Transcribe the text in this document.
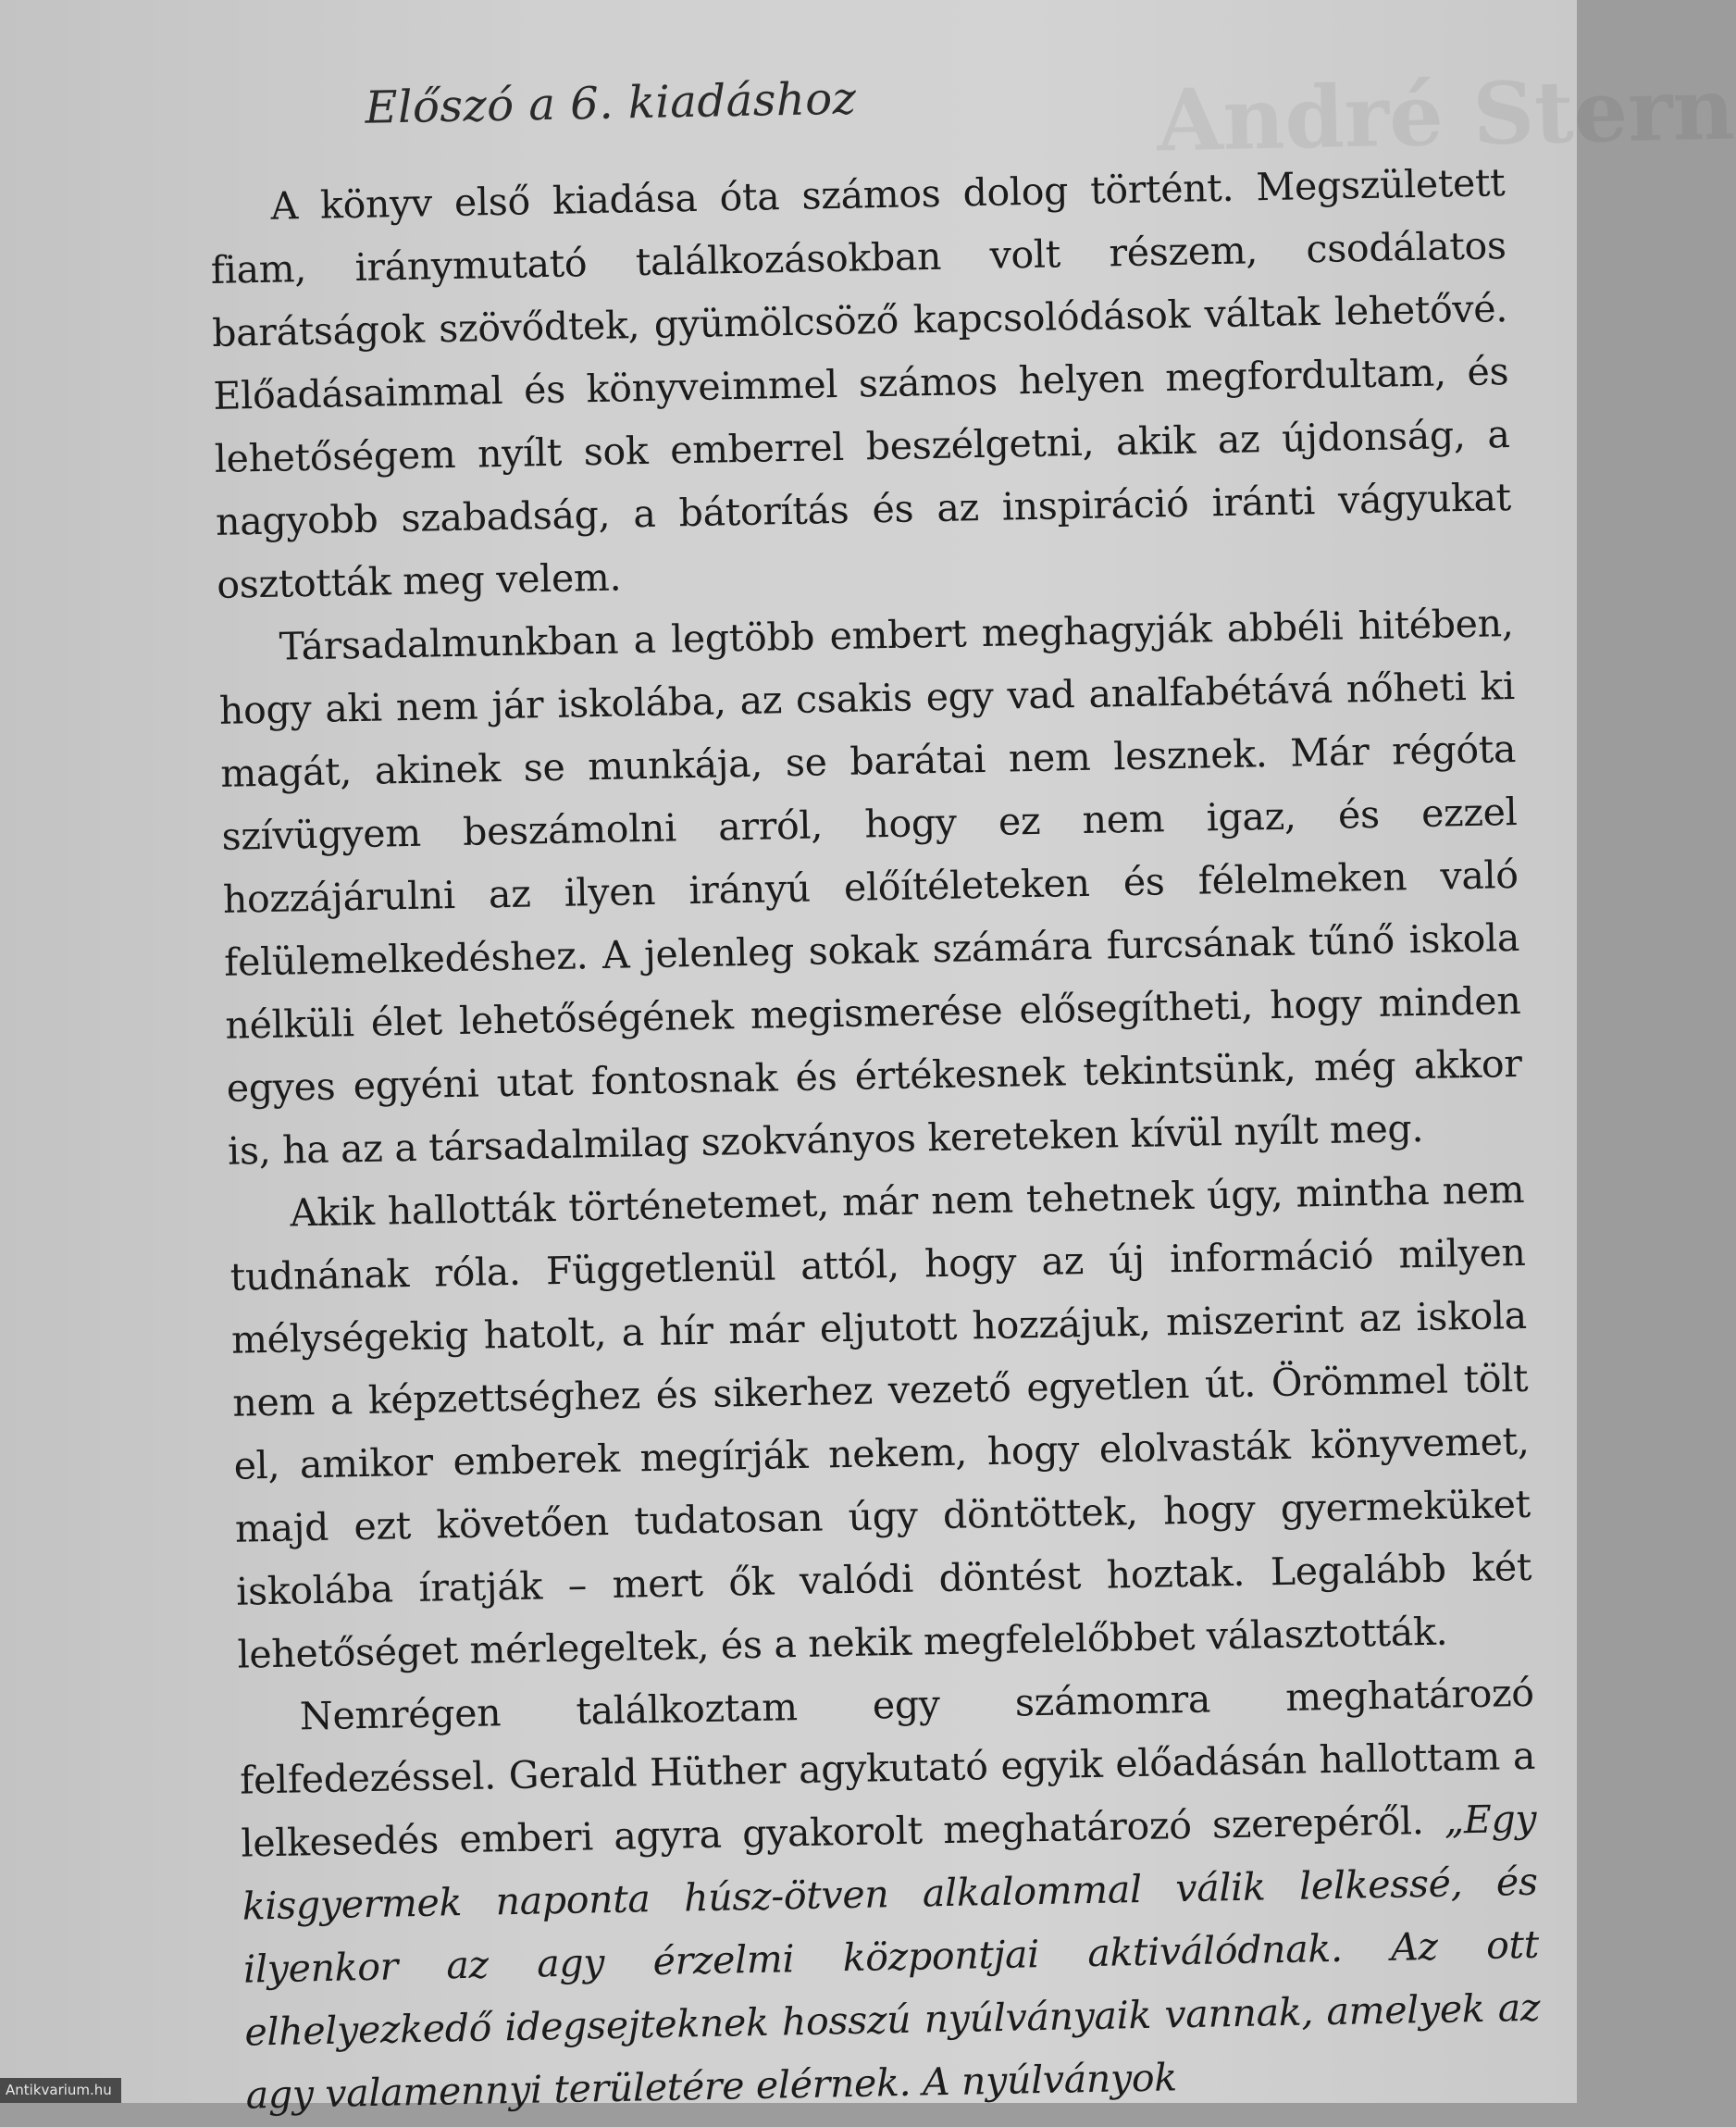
André Stern
Előszó a 6. kiadáshoz

A könyv első kiadása óta számos dolog történt. Megszületett fiam, iránymutató találkozásokban volt részem, csodálatos barátságok szövődtek, gyümölcsöző kapcsolódások váltak lehetővé. Előadásaimmal és könyveimmel számos helyen megfordultam, és lehetőségem nyílt sok emberrel beszélgetni, akik az újdonság, a nagyobb szabadság, a bátorítás és az inspiráció iránti vágyukat osztották meg velem.

Társadalmunkban a legtöbb embert meghagyják abbéli hitében, hogy aki nem jár iskolába, az csakis egy vad analfabétává nőheti ki magát, akinek se munkája, se barátai nem lesznek. Már régóta szívügyem beszámolni arról, hogy ez nem igaz, és ezzel hozzájárulni az ilyen irányú előítéleteken és félelmeken való felülemelkedéshez. A jelenleg sokak számára furcsának tűnő iskola nélküli élet lehetőségének megismerése elősegítheti, hogy minden egyes egyéni utat fontosnak és értékesnek tekintsünk, még akkor is, ha az a társadalmilag szokványos kereteken kívül nyílt meg.

Akik hallották történetemet, már nem tehetnek úgy, mintha nem tudnának róla. Függetlenül attól, hogy az új információ milyen mélységekig hatolt, a hír már eljutott hozzájuk, miszerint az iskola nem a képzettséghez és sikerhez vezető egyetlen út. Örömmel tölt el, amikor emberek megírják nekem, hogy elolvasták könyvemet, majd ezt követően tudatosan úgy döntöttek, hogy gyermeküket iskolába íratják – mert ők valódi döntést hoztak. Legalább két lehetőséget mérlegeltek, és a nekik megfelelőbbet választották.

Nemrégen találkoztam egy számomra meghatározó felfedezéssel. Gerald Hüther agykutató egyik előadásán hallottam a lelkesedés emberi agyra gyakorolt meghatározó szerepéről. „Egy kisgyermek naponta húsz-ötven alkalommal válik lelkessé, és ilyenkor az agy érzelmi központjai aktiválódnak. Az ott elhelyezkedő idegsejteknek hosszú nyúlványaik vannak, amelyek az agy valamennyi területére elérnek. A nyúlványok

Antikvarium.hu
